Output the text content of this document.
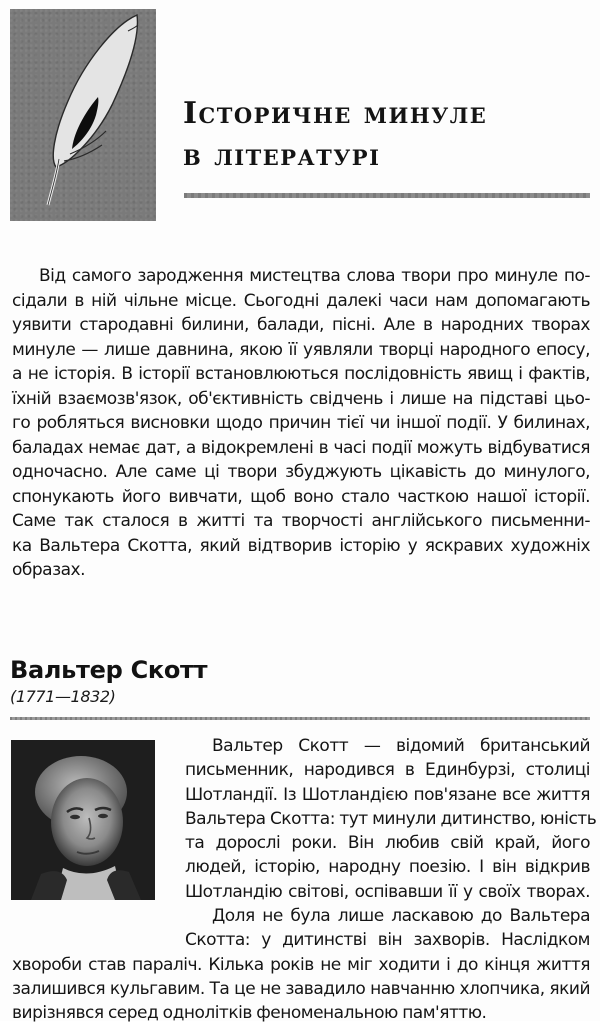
Історичне минуле
в літературі

Від самого зародження мистецтва слова твори про минуле по-
сідали в ній чільне місце. Сьогодні далекі часи нам допомагають
уявити стародавні билини, балади, пісні. Але в народних творах
минуле — лише давнина, якою її уявляли творці народного епосу,
а не історія. В історії встановлюються послідовність явищ і фактів,
їхній взаємозв'язок, об'єктивність свідчень і лише на підставі цьо-
го робляться висновки щодо причин тієї чи іншої події. У билинах,
баладах немає дат, а відокремлені в часі події можуть відбуватися
одночасно. Але саме ці твори збуджують цікавість до минулого,
спонукають його вивчати, щоб воно стало часткою нашої історії.
Саме так сталося в житті та творчості англійського письменни-
ка Вальтера Скотта, який відтворив історію у яскравих художніх
образах.

Вальтер Скотт
(1771—1832)

Вальтер Скотт — відомий британський
письменник, народився в Единбурзі, столиці
Шотландії. Із Шотландією пов'язане все життя
Вальтера Скотта: тут минули дитинство, юність
та дорослі роки. Він любив свій край, його
людей, історію, народну поезію. І він відкрив
Шотландію світові, оспівавши її у своїх творах.
Доля не була лише ласкавою до Вальтера
Скотта: у дитинстві він захворів. Наслідком
хвороби став параліч. Кілька років не міг ходити і до кінця життя
залишився кульгавим. Та це не завадило навчанню хлопчика, який
вирізнявся серед однолітків феноменальною пам'яттю.
